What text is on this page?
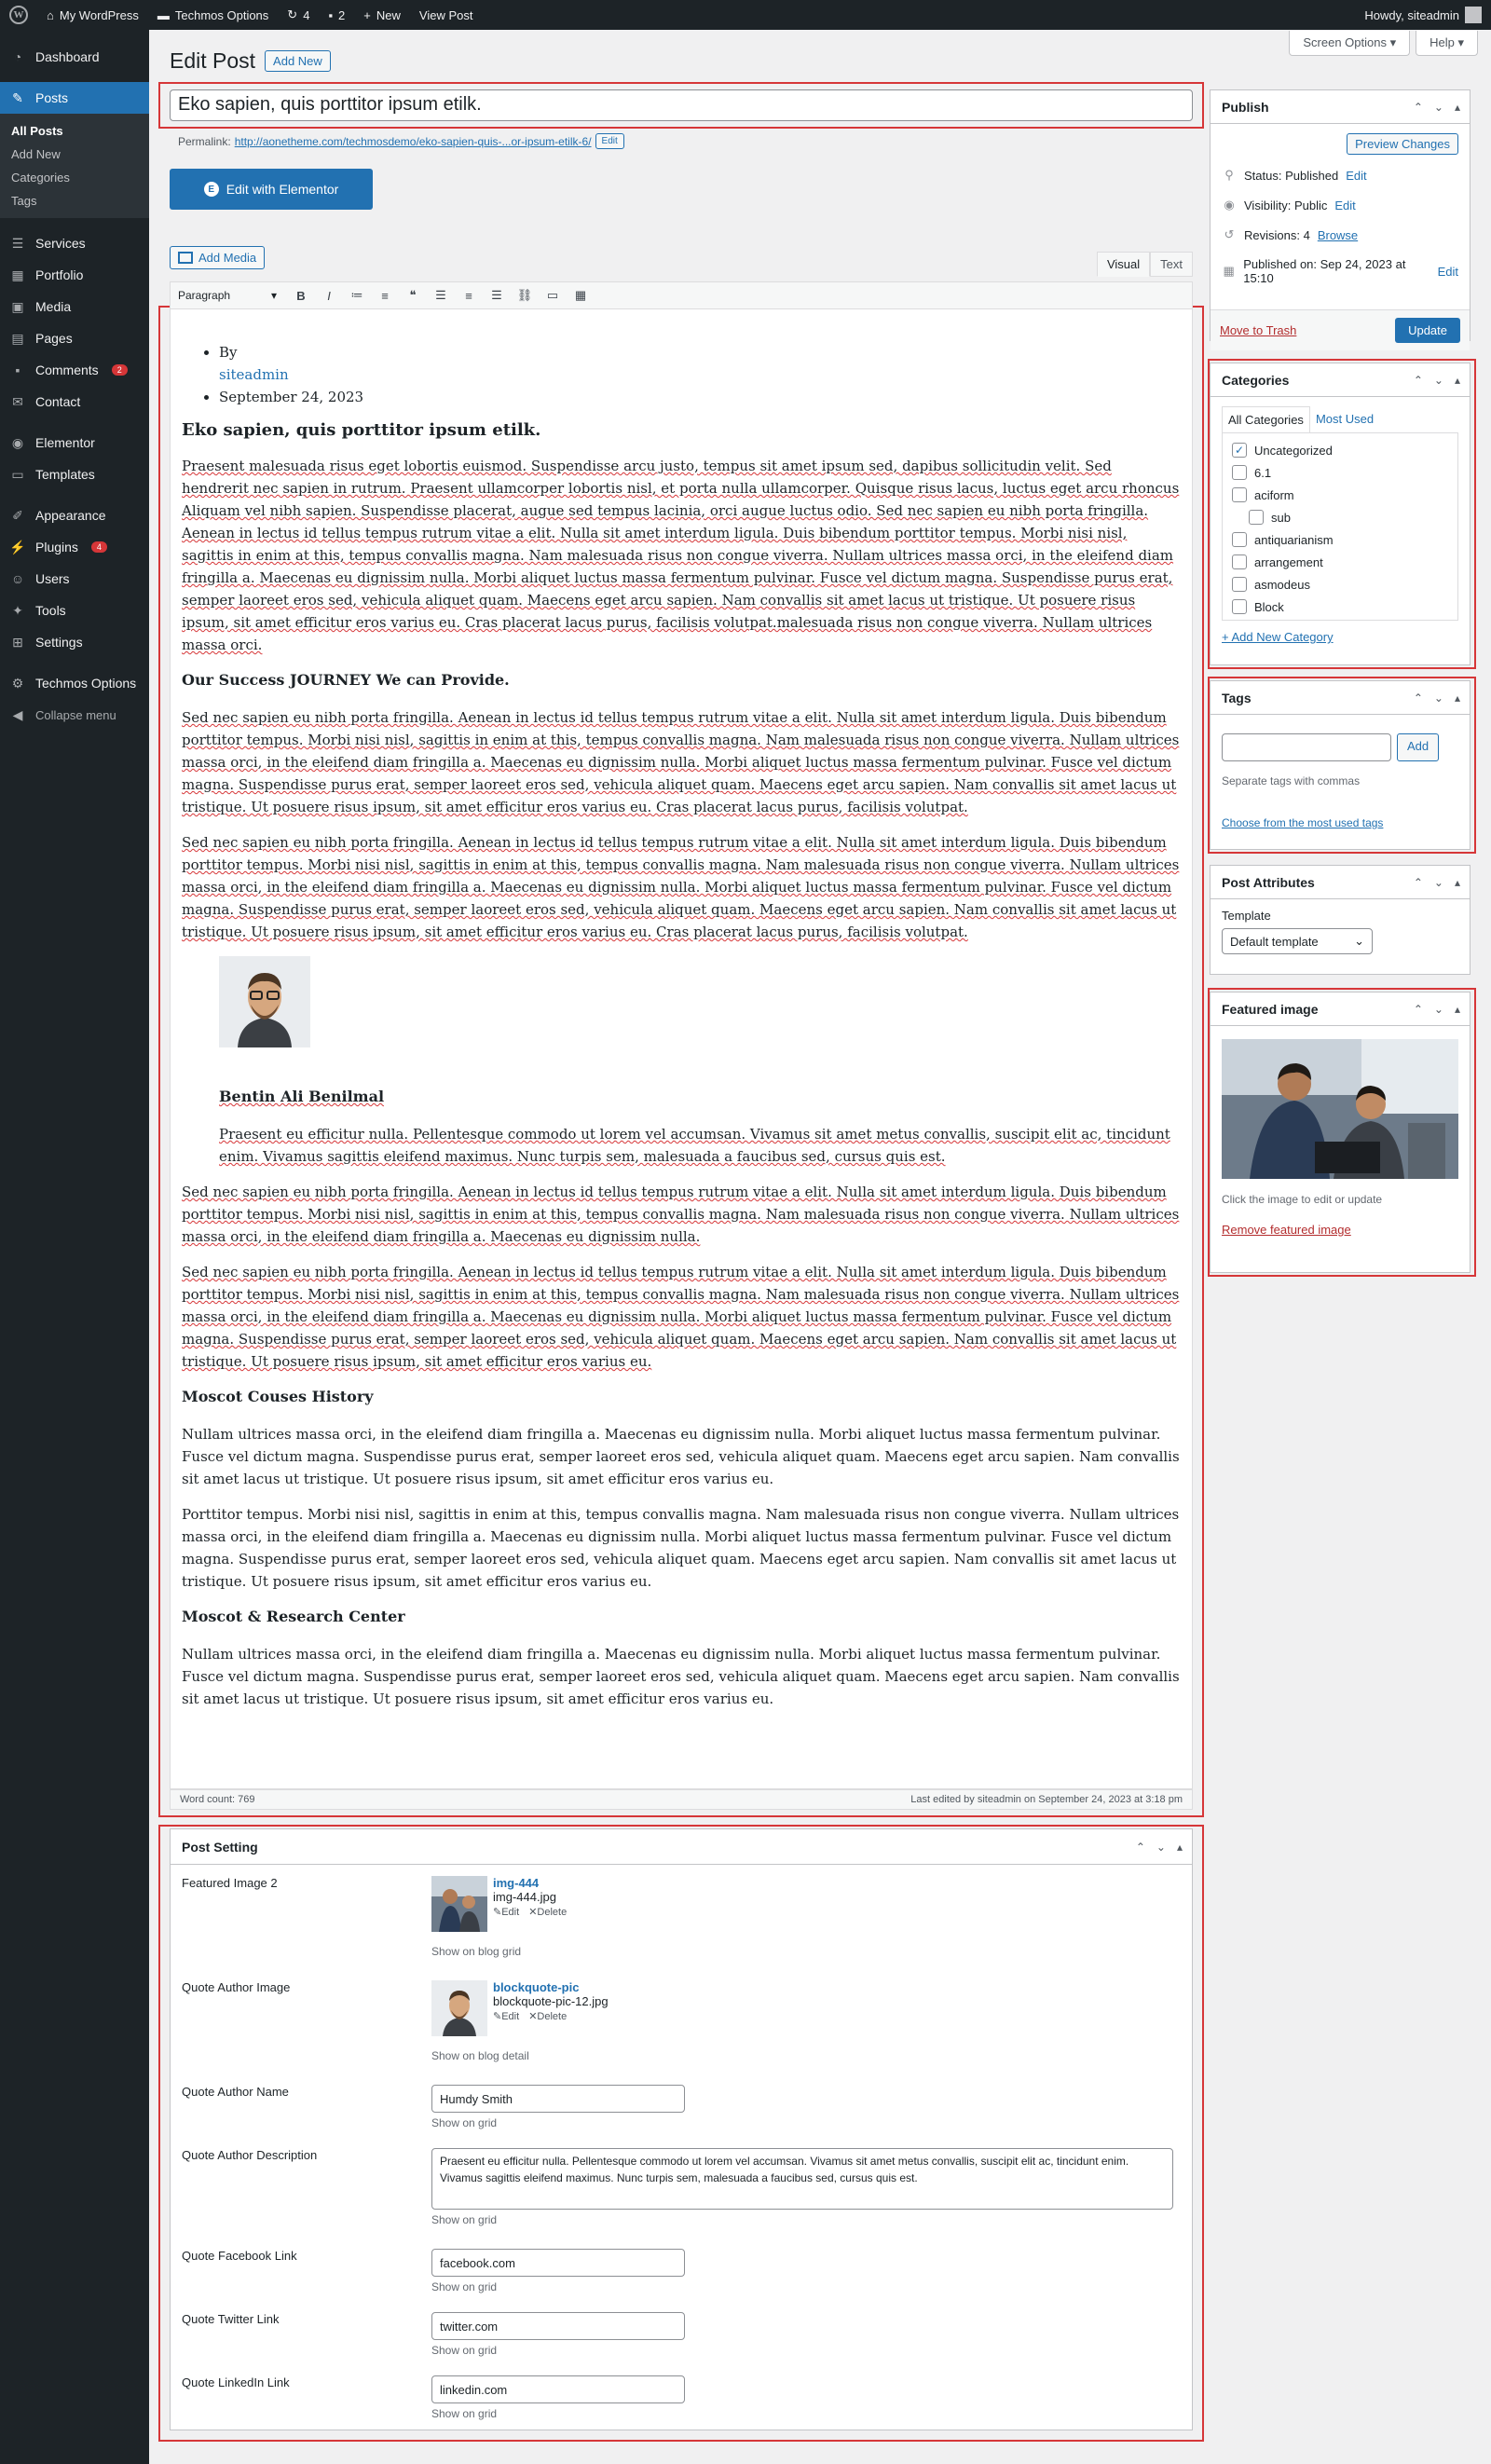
W	⌂ My WordPress ▬ Techmos Options ↻ 4 ▪ 2 + New View Post	Howdy, siteadmin
◔	Dashboard
✎ Posts
All Posts
Add New
Categories
Tags
☰ Services
▦ Portfolio
▣ Media
▤ Pages
▪	Comments	2
✉ Contact
◉ Elementor
▭ Templates
✐ Appearance
⚡ Plugins	4
☺ Users
✦ Tools
⊞ Settings
⚙ Techmos Options
◀ Collapse menu
Screen Options ▾	Help ▾
Edit Post	Add New
Eko sapien, quis porttitor ipsum etilk.
Permalink: http://aonetheme.com/techmosdemo/eko-sapien-quis-...or-ipsum-etilk-6/	Edit
E Edit with Elementor
Add Media	Visual	Text
Paragraph	▾ B I ≔	≡	❝	☰	≡	☰ ⛓ ▭ ▦
• By
siteadmin
• September 24, 2023
Eko sapien, quis porttitor ipsum etilk.

Praesent malesuada risus eget lobortis euismod. Suspendisse arcu justo, tempus sit amet ipsum sed, dapibus sollicitudin velit. Sed hendrerit nec sapien in rutrum. Praesent ullamcorper lobortis nisl, et porta nulla ullamcorper. Quisque risus lacus, luctus eget arcu rhoncus Aliquam vel nibh sapien. Suspendisse placerat, augue sed tempus lacinia, orci augue luctus odio. Sed nec sapien eu nibh porta fringilla. Aenean in lectus id tellus tempus rutrum vitae a elit. Nulla sit amet interdum ligula. Duis bibendum porttitor tempus. Morbi nisi nisl, sagittis in enim at this, tempus convallis magna. Nam malesuada risus non congue viverra. Nullam ultrices massa orci, in the eleifend diam fringilla a. Maecenas eu dignissim nulla. Morbi aliquet luctus massa fermentum pulvinar. Fusce vel dictum magna. Suspendisse purus erat, semper laoreet eros sed, vehicula aliquet quam. Maecens eget arcu sapien. Nam convallis sit amet lacus ut tristique. Ut posuere risus ipsum, sit amet efficitur eros varius eu. Cras placerat lacus purus, facilisis volutpat.malesuada risus non congue viverra. Nullam ultrices massa orci.

Our Success JOURNEY We can Provide.

Sed nec sapien eu nibh porta fringilla. Aenean in lectus id tellus tempus rutrum vitae a elit. Nulla sit amet interdum ligula. Duis bibendum porttitor tempus. Morbi nisi nisl, sagittis in enim at this, tempus convallis magna. Nam malesuada risus non congue viverra. Nullam ultrices massa orci, in the eleifend diam fringilla a. Maecenas eu dignissim nulla. Morbi aliquet luctus massa fermentum pulvinar. Fusce vel dictum magna. Suspendisse purus erat, semper laoreet eros sed, vehicula aliquet quam. Maecens eget arcu sapien. Nam convallis sit amet lacus ut tristique. Ut posuere risus ipsum, sit amet efficitur eros varius eu. Cras placerat lacus purus, facilisis volutpat.

Sed nec sapien eu nibh porta fringilla. Aenean in lectus id tellus tempus rutrum vitae a elit. Nulla sit amet interdum ligula. Duis bibendum porttitor tempus. Morbi nisi nisl, sagittis in enim at this, tempus convallis magna. Nam malesuada risus non congue viverra. Nullam ultrices massa orci, in the eleifend diam fringilla a. Maecenas eu dignissim nulla. Morbi aliquet luctus massa fermentum pulvinar. Fusce vel dictum magna. Suspendisse purus erat, semper laoreet eros sed, vehicula aliquet quam. Maecens eget arcu sapien. Nam convallis sit amet lacus ut tristique. Ut posuere risus ipsum, sit amet efficitur eros varius eu. Cras placerat lacus purus, facilisis volutpat.

Bentin Ali Benilmal

Praesent eu efficitur nulla. Pellentesque commodo ut lorem vel accumsan. Vivamus sit amet metus convallis, suscipit elit ac, tincidunt enim. Vivamus sagittis eleifend maximus. Nunc turpis sem, malesuada a faucibus sed, cursus quis est.

Sed nec sapien eu nibh porta fringilla. Aenean in lectus id tellus tempus rutrum vitae a elit. Nulla sit amet interdum ligula. Duis bibendum porttitor tempus. Morbi nisi nisl, sagittis in enim at this, tempus convallis magna. Nam malesuada risus non congue viverra. Nullam ultrices massa orci, in the eleifend diam fringilla a. Maecenas eu dignissim nulla.

Sed nec sapien eu nibh porta fringilla. Aenean in lectus id tellus tempus rutrum vitae a elit. Nulla sit amet interdum ligula. Duis bibendum porttitor tempus. Morbi nisi nisl, sagittis in enim at this, tempus convallis magna. Nam malesuada risus non congue viverra. Nullam ultrices massa orci, in the eleifend diam fringilla a. Maecenas eu dignissim nulla. Morbi aliquet luctus massa fermentum pulvinar. Fusce vel dictum magna. Suspendisse purus erat, semper laoreet eros sed, vehicula aliquet quam. Maecens eget arcu sapien. Nam convallis sit amet lacus ut tristique. Ut posuere risus ipsum, sit amet efficitur eros varius eu.

Moscot Couses History

Nullam ultrices massa orci, in the eleifend diam fringilla a. Maecenas eu dignissim nulla. Morbi aliquet luctus massa fermentum pulvinar. Fusce vel dictum magna. Suspendisse purus erat, semper laoreet eros sed, vehicula aliquet quam. Maecens eget arcu sapien. Nam convallis sit amet lacus ut tristique. Ut posuere risus ipsum, sit amet efficitur eros varius eu.

Porttitor tempus. Morbi nisi nisl, sagittis in enim at this, tempus convallis magna. Nam malesuada risus non congue viverra. Nullam ultrices massa orci, in the eleifend diam fringilla a. Maecenas eu dignissim nulla. Morbi aliquet luctus massa fermentum pulvinar. Fusce vel dictum magna. Suspendisse purus erat, semper laoreet eros sed, vehicula aliquet quam. Maecens eget arcu sapien. Nam convallis sit amet lacus ut tristique. Ut posuere risus ipsum, sit amet efficitur eros varius eu.

Moscot & Research Center

Nullam ultrices massa orci, in the eleifend diam fringilla a. Maecenas eu dignissim nulla. Morbi aliquet luctus massa fermentum pulvinar. Fusce vel dictum magna. Suspendisse purus erat, semper laoreet eros sed, vehicula aliquet quam. Maecens eget arcu sapien. Nam convallis sit amet lacus ut tristique. Ut posuere risus ipsum, sit amet efficitur eros varius eu.

Word count: 769	Last edited by siteadmin on September 24, 2023 at 3:18 pm
Publish	⌃ ⌄ ▴
Preview Changes
⚲ Status: Published Edit
◉ Visibility: Public Edit
↺ Revisions: 4 Browse
▦ Published on: Sep 24, 2023 at 15:10	Edit
Move to Trash	Update
Categories	⌃ ⌄ ▴
All Categories	Most Used
✓ Uncategorized
6.1
aciform
sub
antiquarianism
arrangement
asmodeus
Block
+ Add New Category
Tags	⌃ ⌄ ▴
Add
Separate tags with commas
Choose from the most used tags
Post Attributes	⌃ ⌄ ▴
Template
Default template	⌄
Featured image	⌃ ⌄ ▴
Click the image to edit or update
Remove featured image
Post Setting	⌃ ⌄ ▴
Featured Image 2	img-444
img-444.jpg
✎Edit ✕Delete
Show on blog grid
Quote Author Image	blockquote-pic
blockquote-pic-12.jpg
✎Edit ✕Delete
Show on blog detail
Quote Author Name	Humdy Smith
Show on grid
Quote Author Description	Praesent eu efficitur nulla. Pellentesque commodo ut lorem vel accumsan. Vivamus sit amet metus convallis, suscipit elit ac, tincidunt enim. Vivamus sagittis eleifend maximus. Nunc turpis sem, malesuada a faucibus sed, cursus quis est.
Show on grid
Quote Facebook Link	facebook.com
Show on grid
Quote Twitter Link	twitter.com
Show on grid
Quote LinkedIn Link	linkedin.com
Show on grid
